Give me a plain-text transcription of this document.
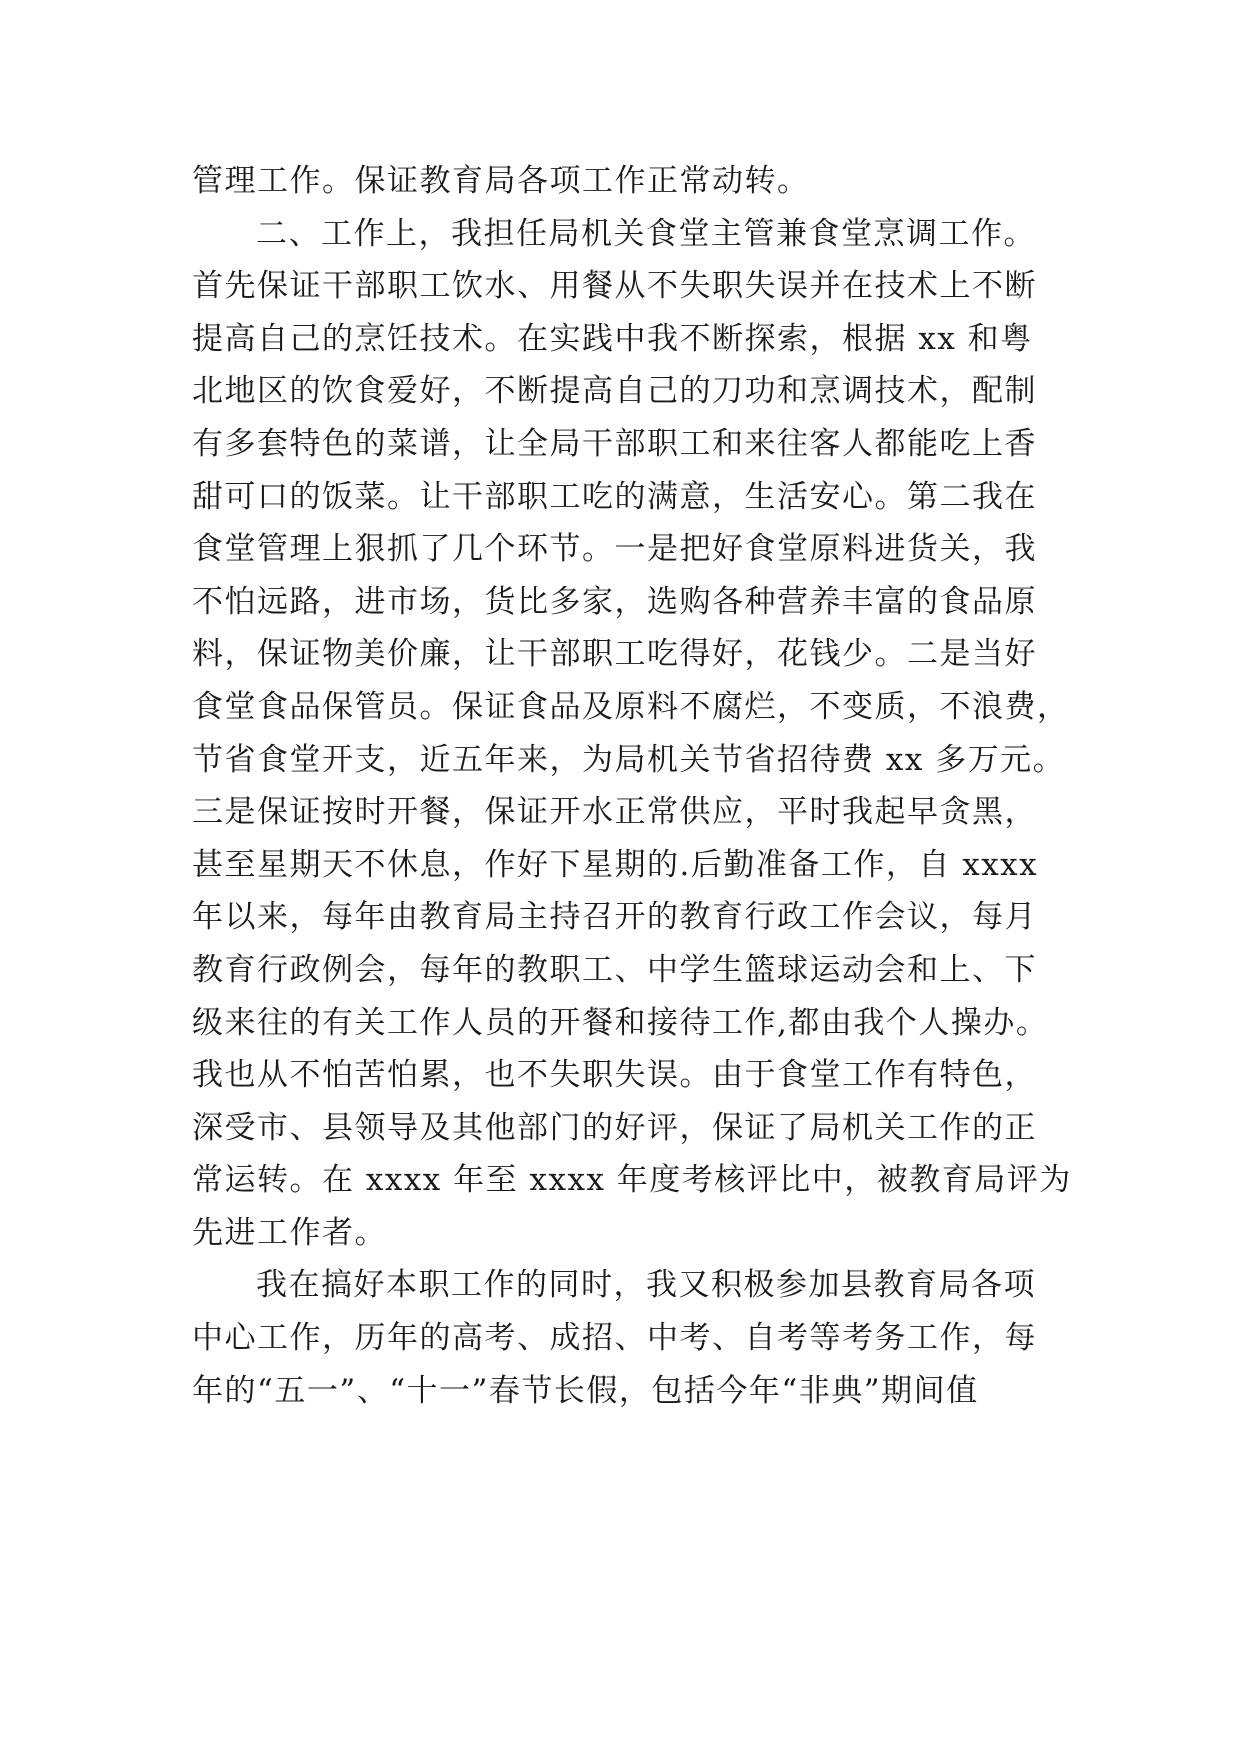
管理工作。保证教育局各项工作正常动转。
二、工作上，我担任局机关食堂主管兼食堂烹调工作。
首先保证干部职工饮水、用餐从不失职失误并在技术上不断
提高自己的烹饪技术。在实践中我不断探索，根据 xx 和粤
北地区的饮食爱好，不断提高自己的刀功和烹调技术，配制
有多套特色的菜谱，让全局干部职工和来往客人都能吃上香
甜可口的饭菜。让干部职工吃的满意，生活安心。第二我在
食堂管理上狠抓了几个环节。一是把好食堂原料进货关，我
不怕远路，进市场，货比多家，选购各种营养丰富的食品原
料，保证物美价廉，让干部职工吃得好，花钱少。二是当好
食堂食品保管员。保证食品及原料不腐烂，不变质，不浪费，
节省食堂开支，近五年来，为局机关节省招待费 xx 多万元。
三是保证按时开餐，保证开水正常供应，平时我起早贪黑，
甚至星期天不休息，作好下星期的.后勤准备工作，自 xxxx
年以来，每年由教育局主持召开的教育行政工作会议，每月
教育行政例会，每年的教职工、中学生篮球运动会和上、下
级来往的有关工作人员的开餐和接待工作,都由我个人操办。
我也从不怕苦怕累，也不失职失误。由于食堂工作有特色，
深受市、县领导及其他部门的好评，保证了局机关工作的正
常运转。在 xxxx 年至 xxxx 年度考核评比中，被教育局评为
先进工作者。
我在搞好本职工作的同时，我又积极参加县教育局各项
中心工作，历年的高考、成招、中考、自考等考务工作，每
年的“五一”、“十一”春节长假，包括今年“非典”期间值
